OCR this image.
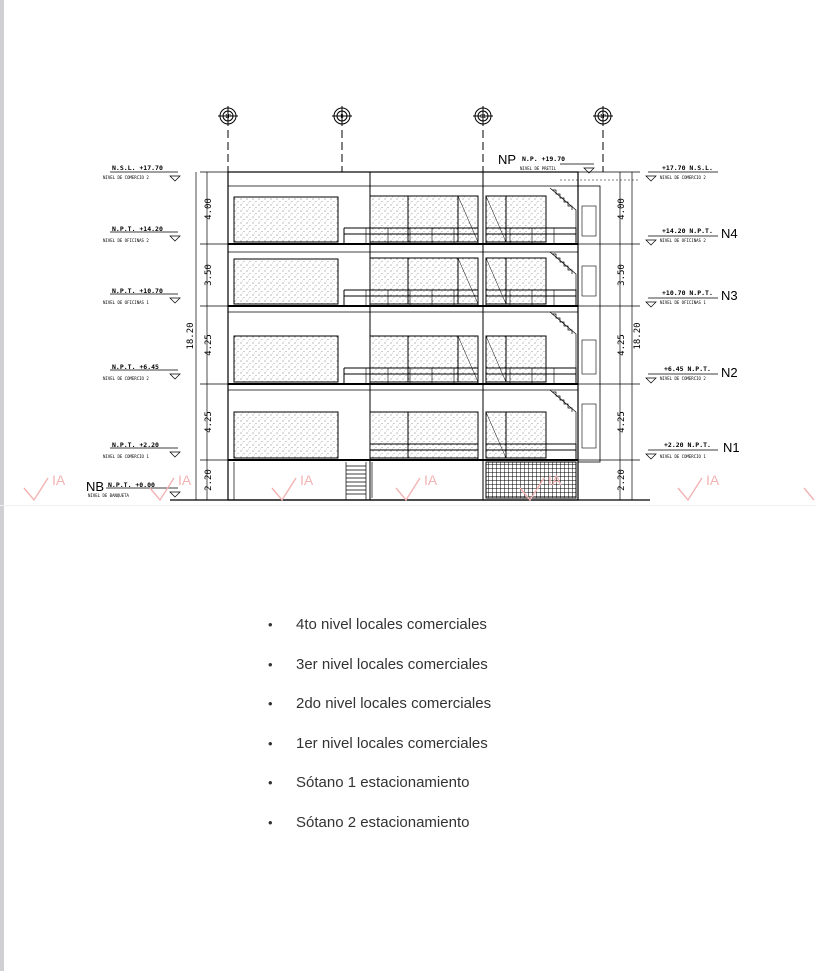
1P	B	C1	1P
4.00
3.50
4.25
4.25
2.20
18.20
4.00
3.50
4.25
4.25
2.20
18.20
N.S.L. +17.70
NIVEL DE COMERCIO 2
N.P.T. +14.20
NIVEL DE OFICINAS 2
N.P.T. +10.70
NIVEL DE OFICINAS 1
N.P.T. +6.45
NIVEL DE COMERCIO 2
N.P.T. +2.20
NIVEL DE COMERCIO 1
N.P.T. +0.00
NIVEL DE BANQUETA
NB
+17.70 N.S.L.
NIVEL DE COMERCIO 2
+14.20 N.P.T.
NIVEL DE OFICINAS 2
+10.70 N.P.T.
NIVEL DE OFICINAS 1
+6.45 N.P.T.
NIVEL DE COMERCIO 2
+2.20 N.P.T.
NIVEL DE COMERCIO 1
N4
N3
N2
N1
N.P. +19.70
NIVEL DE PRETIL
NP
IA	IA	IA	IA	IA	IA
• 4to nivel locales comerciales
• 3er nivel locales comerciales
• 2do nivel locales comerciales
• 1er nivel locales comerciales
• Sótano 1 estacionamiento
• Sótano 2 estacionamiento
